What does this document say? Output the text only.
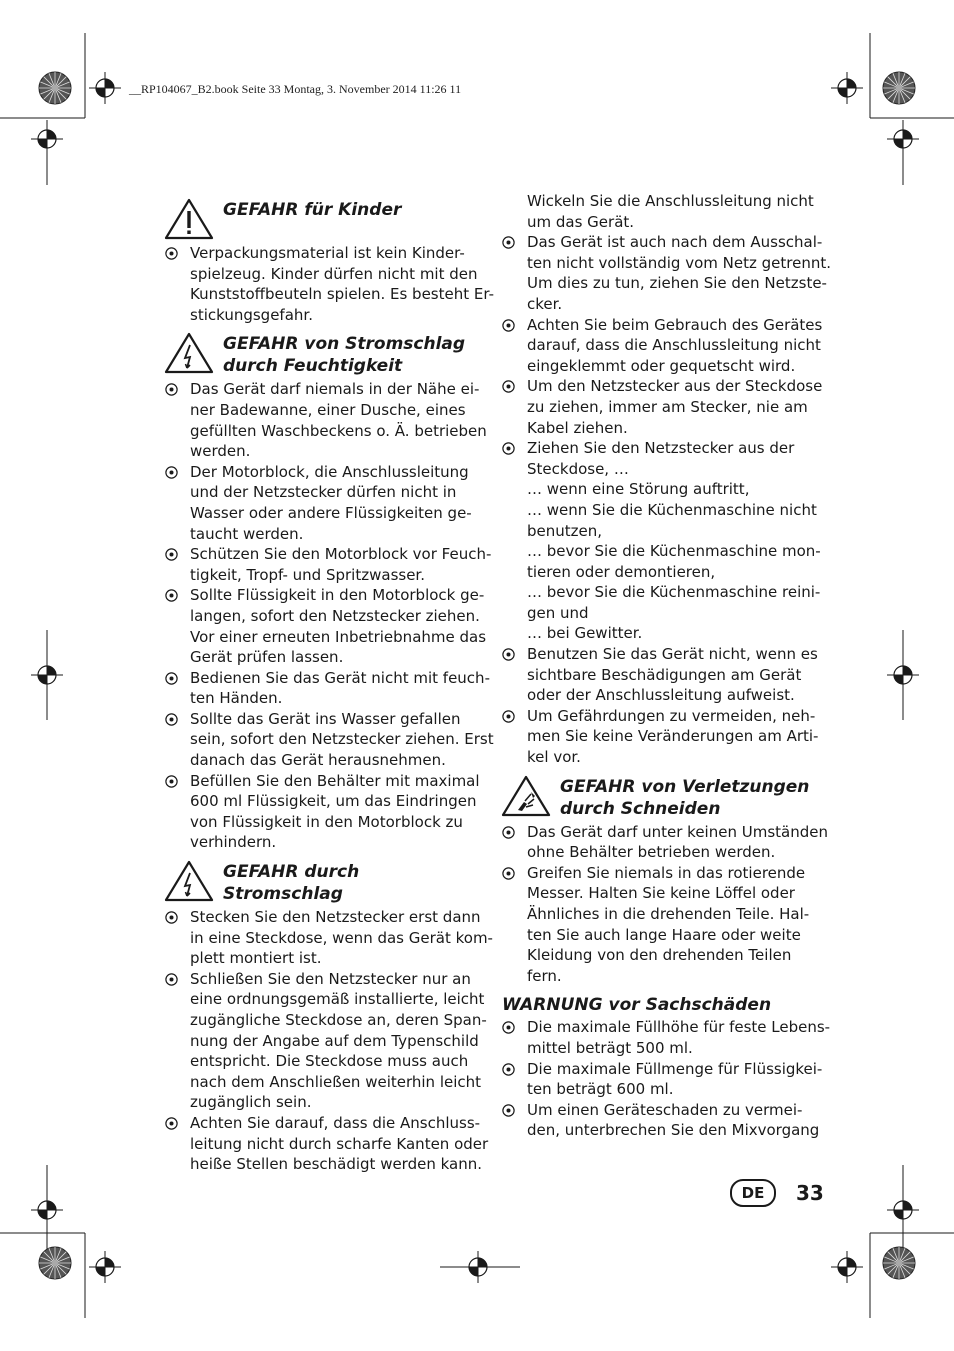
__RP104067_B2.book Seite 33 Montag, 3. November 2014 11:26 11
GEFAHR für Kinder
Verpackungsmaterial ist kein Kinder-
spielzeug. Kinder dürfen nicht mit den
Kunststoffbeuteln spielen. Es besteht Er-
stickungsgefahr.
GEFAHR von Stromschlag
durch Feuchtigkeit
Das Gerät darf niemals in der Nähe ei-
ner Badewanne, einer Dusche, eines
gefüllten Waschbeckens o. Ä. betrieben
werden.
Der Motorblock, die Anschlussleitung
und der Netzstecker dürfen nicht in
Wasser oder andere Flüssigkeiten ge-
taucht werden.
Schützen Sie den Motorblock vor Feuch-
tigkeit, Tropf- und Spritzwasser.
Sollte Flüssigkeit in den Motorblock ge-
langen, sofort den Netzstecker ziehen.
Vor einer erneuten Inbetriebnahme das
Gerät prüfen lassen.
Bedienen Sie das Gerät nicht mit feuch-
ten Händen.
Sollte das Gerät ins Wasser gefallen
sein, sofort den Netzstecker ziehen. Erst
danach das Gerät herausnehmen.
Befüllen Sie den Behälter mit maximal
600 ml Flüssigkeit, um das Eindringen
von Flüssigkeit in den Motorblock zu
verhindern.
GEFAHR durch
Stromschlag
Stecken Sie den Netzstecker erst dann
in eine Steckdose, wenn das Gerät kom-
plett montiert ist.
Schließen Sie den Netzstecker nur an
eine ordnungsgemäß installierte, leicht
zugängliche Steckdose an, deren Span-
nung der Angabe auf dem Typenschild
entspricht. Die Steckdose muss auch
nach dem Anschließen weiterhin leicht
zugänglich sein.
Achten Sie darauf, dass die Anschluss-
leitung nicht durch scharfe Kanten oder
heiße Stellen beschädigt werden kann.
Wickeln Sie die Anschlussleitung nicht
um das Gerät.
Das Gerät ist auch nach dem Ausschal-
ten nicht vollständig vom Netz getrennt.
Um dies zu tun, ziehen Sie den Netzste-
cker.
Achten Sie beim Gebrauch des Gerätes
darauf, dass die Anschlussleitung nicht
eingeklemmt oder gequetscht wird.
Um den Netzstecker aus der Steckdose
zu ziehen, immer am Stecker, nie am
Kabel ziehen.
Ziehen Sie den Netzstecker aus der
Steckdose, …
… wenn eine Störung auftritt,
… wenn Sie die Küchenmaschine nicht
benutzen,
… bevor Sie die Küchenmaschine mon-
tieren oder demontieren,
… bevor Sie die Küchenmaschine reini-
gen und
… bei Gewitter.
Benutzen Sie das Gerät nicht, wenn es
sichtbare Beschädigungen am Gerät
oder der Anschlussleitung aufweist.
Um Gefährdungen zu vermeiden, neh-
men Sie keine Veränderungen am Arti-
kel vor.
GEFAHR von Verletzungen
durch Schneiden
Das Gerät darf unter keinen Umständen
ohne Behälter betrieben werden.
Greifen Sie niemals in das rotierende
Messer. Halten Sie keine Löffel oder
Ähnliches in die drehenden Teile. Hal-
ten Sie auch lange Haare oder weite
Kleidung von den drehenden Teilen
fern.
WARNUNG vor Sachschäden
Die maximale Füllhöhe für feste Lebens-
mittel beträgt 500 ml.
Die maximale Füllmenge für Flüssigkei-
ten beträgt 600 ml.
Um einen Geräteschaden zu vermei-
den, unterbrechen Sie den Mixvorgang
DE	33
